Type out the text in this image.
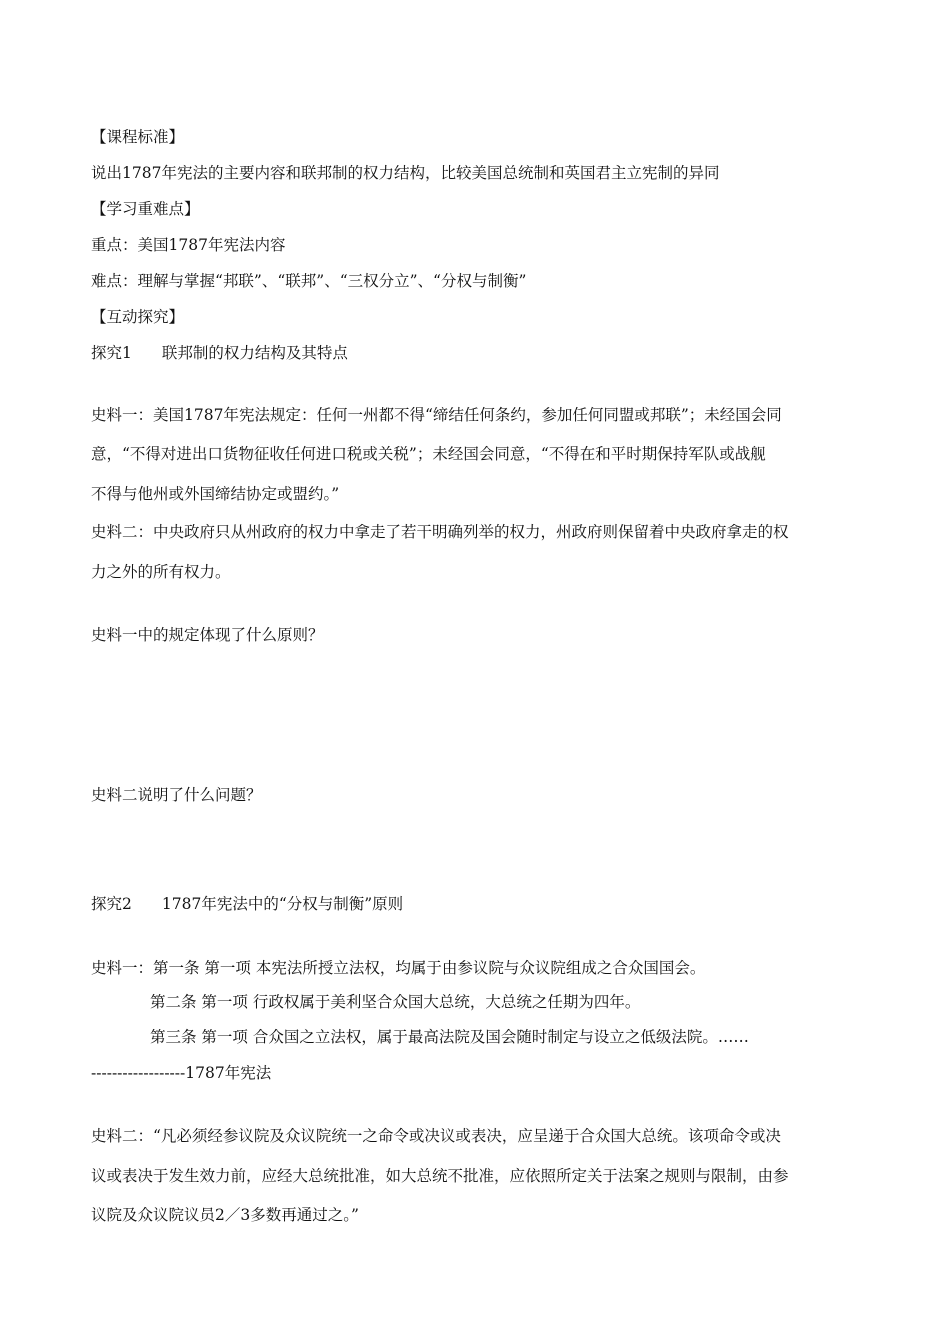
【课程标准】
说出1787年宪法的主要内容和联邦制的权力结构，比较美国总统制和英国君主立宪制的异同
【学习重难点】
重点：美国1787年宪法内容
难点：理解与掌握“邦联”、“联邦”、“三权分立”、“分权与制衡”
【互动探究】
探究1 联邦制的权力结构及其特点
史料一：美国1787年宪法规定：任何一州都不得“缔结任何条约，参加任何同盟或邦联”；未经国会同
意，“不得对进出口货物征收任何进口税或关税”；未经国会同意，“不得在和平时期保持军队或战舰
不得与他州或外国缔结协定或盟约。”
史料二：中央政府只从州政府的权力中拿走了若干明确列举的权力，州政府则保留着中央政府拿走的权
力之外的所有权力。
史料一中的规定体现了什么原则？
史料二说明了什么问题？
探究2 1787年宪法中的“分权与制衡”原则
史料一：第一条 第一项 本宪法所授立法权，均属于由参议院与众议院组成之合众国国会。
第二条 第一项 行政权属于美利坚合众国大总统，大总统之任期为四年。
第三条 第一项 合众国之立法权，属于最高法院及国会随时制定与设立之低级法院。……
------------------1787年宪法
史料二：“凡必须经参议院及众议院统一之命令或决议或表决，应呈递于合众国大总统。该项命令或决
议或表决于发生效力前，应经大总统批准，如大总统不批准，应依照所定关于法案之规则与限制，由参
议院及众议院议员2／3多数再通过之。”
